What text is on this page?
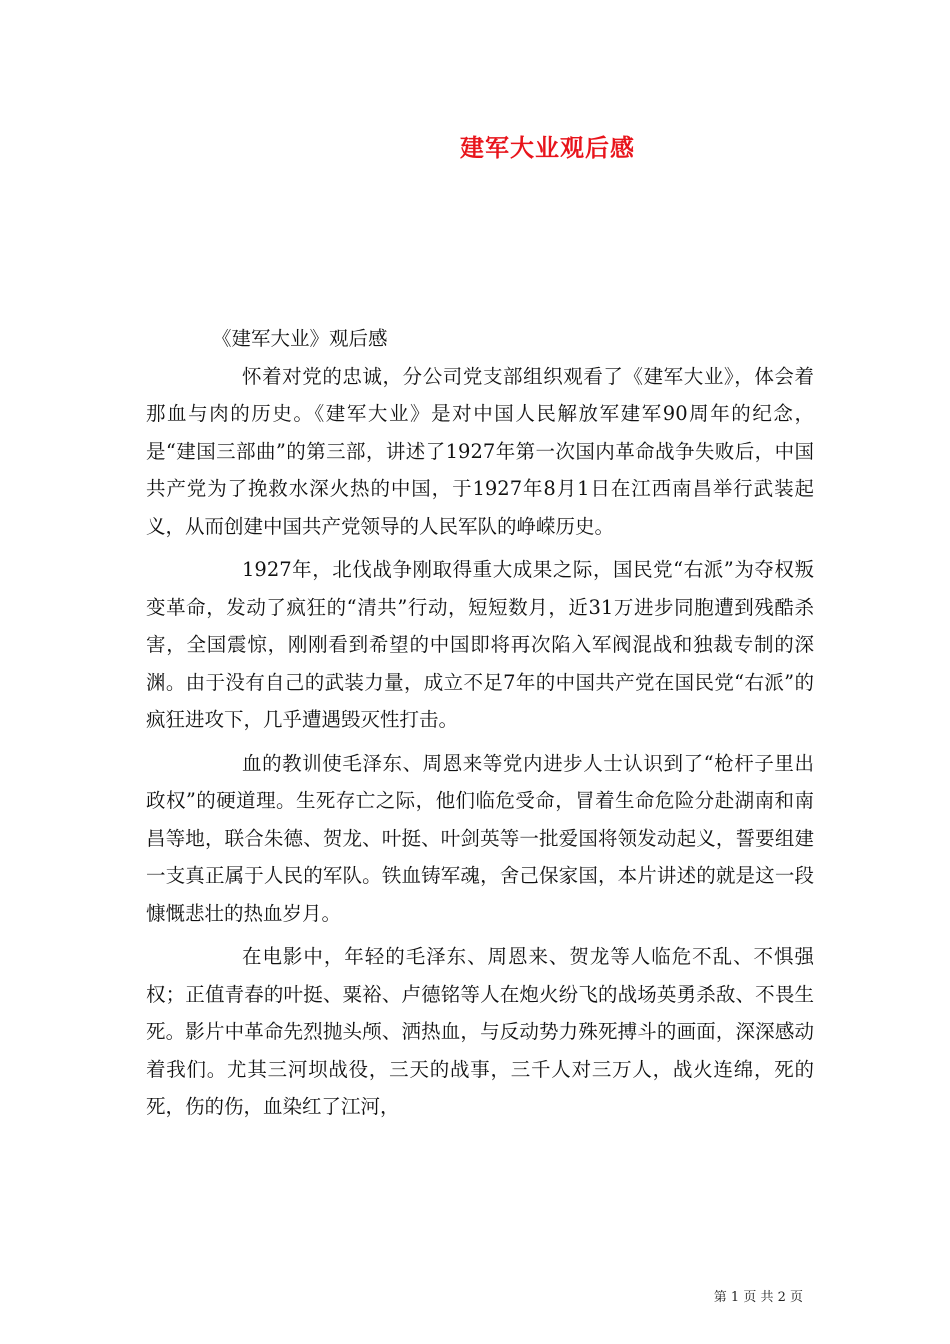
建军大业观后感

《建军大业》观后感

怀着对党的忠诚，分公司党支部组织观看了《建军大业》，体会着那血与肉的历史。《建军大业》是对中国人民解放军建军90周年的纪念，是“建国三部曲”的第三部，讲述了1927年第一次国内革命战争失败后，中国共产党为了挽救水深火热的中国，于1927年8月1日在江西南昌举行武装起义，从而创建中国共产党领导的人民军队的峥嵘历史。

1927年，北伐战争刚取得重大成果之际，国民党“右派”为夺权叛变革命，发动了疯狂的“清共”行动，短短数月，近31万进步同胞遭到残酷杀害，全国震惊，刚刚看到希望的中国即将再次陷入军阀混战和独裁专制的深渊。由于没有自己的武装力量，成立不足7年的中国共产党在国民党“右派”的疯狂进攻下，几乎遭遇毁灭性打击。

血的教训使毛泽东、周恩来等党内进步人士认识到了“枪杆子里出政权”的硬道理。生死存亡之际，他们临危受命，冒着生命危险分赴湖南和南昌等地，联合朱德、贺龙、叶挺、叶剑英等一批爱国将领发动起义，誓要组建一支真正属于人民的军队。铁血铸军魂，舍己保家国，本片讲述的就是这一段慷慨悲壮的热血岁月。

在电影中，年轻的毛泽东、周恩来、贺龙等人临危不乱、不惧强权；正值青春的叶挺、粟裕、卢德铭等人在炮火纷飞的战场英勇杀敌、不畏生死。影片中革命先烈抛头颅、洒热血，与反动势力殊死搏斗的画面，深深感动着我们。尤其三河坝战役，三天的战事，三千人对三万人，战火连绵，死的死，伤的伤，血染红了江河，

第 1 页 共 2 页
